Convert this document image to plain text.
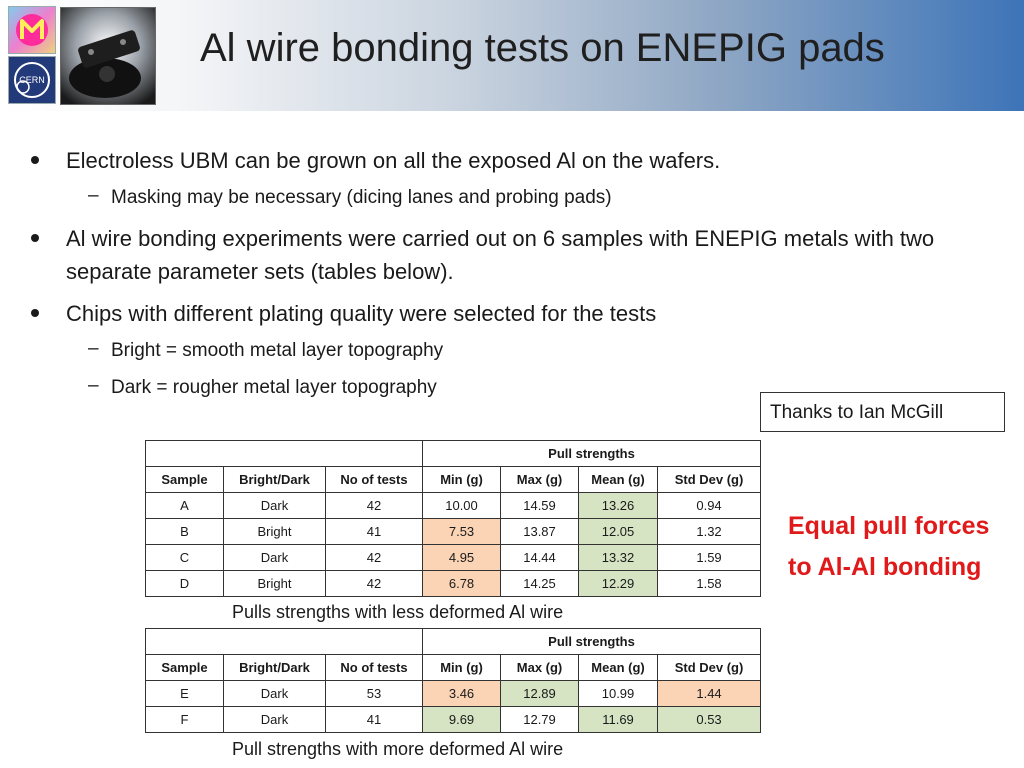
CERN
Al wire bonding tests on ENEPIG pads
Electroless UBM can be grown on all the exposed Al on the wafers.
– Masking may be necessary (dicing lanes and probing pads)
Al wire bonding experiments were carried out on 6 samples with ENEPIG metals with two separate parameter sets (tables below).
Chips with different plating quality were selected for the tests
– Bright = smooth metal layer topography
– Dark = rougher metal layer topography
Thanks to Ian McGill
Equal pull forces to Al-Al bonding
			Pull strengths			
Sample	Bright/Dark	No of tests	Min (g)	Max (g)	Mean (g)	Std Dev (g)
A	Dark	42	10.00	14.59	13.26	0.94
B	Bright	41	7.53	13.87	12.05	1.32
C	Dark	42	4.95	14.44	13.32	1.59
D	Bright	42	6.78	14.25	12.29	1.58
Pulls strengths with less deformed Al wire
			Pull strengths			
Sample	Bright/Dark	No of tests	Min (g)	Max (g)	Mean (g)	Std Dev (g)
E	Dark	53	3.46	12.89	10.99	1.44
F	Dark	41	9.69	12.79	11.69	0.53
Pull strengths with more deformed Al wire
